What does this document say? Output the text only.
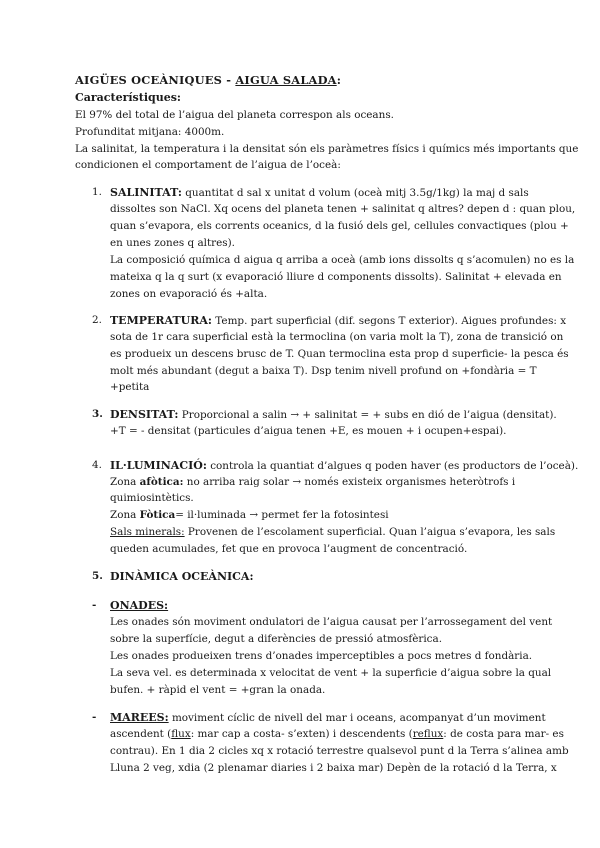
AIGÜES OCEÀNIQUES - AIGUA SALADA:
Característiques:
El 97% del total de l’aigua del planeta correspon als oceans.
Profunditat mitjana: 4000m.
La salinitat, la temperatura i la densitat són els paràmetres físics i químics més importants que
condicionen el comportament de l’aigua de l’oceà:
1. SALINITAT: quantitat d sal x unitat d volum (oceà mitj 3.5g/1kg) la maj d sals
dissoltes son NaCl. Xq ocens del planeta tenen + salinitat q altres? depen d : quan plou,
quan s’evapora, els corrents oceanics, d la fusió dels gel, cellules convactiques (plou +
en unes zones q altres).
La composició química d aigua q arriba a oceà (amb ions dissolts q s’acomulen) no es la
mateixa q la q surt (x evaporació lliure d components dissolts). Salinitat + elevada en
zones on evaporació és +alta.
2. TEMPERATURA: Temp. part superficial (dif. segons T exterior). Aigues profundes: x
sota de 1r cara superficial està la termoclina (on varia molt la T), zona de transició on
es produeix un descens brusc de T. Quan termoclina esta prop d superficie- la pesca és
molt més abundant (degut a baixa T). Dsp tenim nivell profund on +fondària = T
+petita
3. DENSITAT: Proporcional a salin → + salinitat = + subs en dió de l’aigua (densitat).
+T = - densitat (particules d’aigua tenen +E, es mouen + i ocupen+espai).
4. IL·LUMINACIÓ: controla la quantiat d’algues q poden haver (es productors de l’oceà).
Zona afòtica: no arriba raig solar → només existeix organismes heteròtrofs i
quimiosintètics.
Zona Fòtica= il·luminada → permet fer la fotosintesi
Sals minerals: Provenen de l’escolament superficial. Quan l’aigua s’evapora, les sals
queden acumulades, fet que en provoca l’augment de concentració.
5. DINÀMICA OCEÀNICA:
- ONADES:
Les onades són moviment ondulatori de l’aigua causat per l’arrossegament del vent
sobre la superfície, degut a diferències de pressió atmosfèrica.
Les onades produeixen trens d’onades imperceptibles a pocs metres d fondària.
La seva vel. es determinada x velocitat de vent + la superficie d’aigua sobre la qual
bufen. + ràpid el vent = +gran la onada.
- MAREES: moviment cíclic de nivell del mar i oceans, acompanyat d’un moviment
ascendent (flux: mar cap a costa- s’exten) i descendents (reflux: de costa para mar- es
contrau). En 1 dia 2 cicles xq x rotació terrestre qualsevol punt d la Terra s’alinea amb
Lluna 2 veg, xdia (2 plenamar diaries i 2 baixa mar) Depèn de la rotació d la Terra, x
